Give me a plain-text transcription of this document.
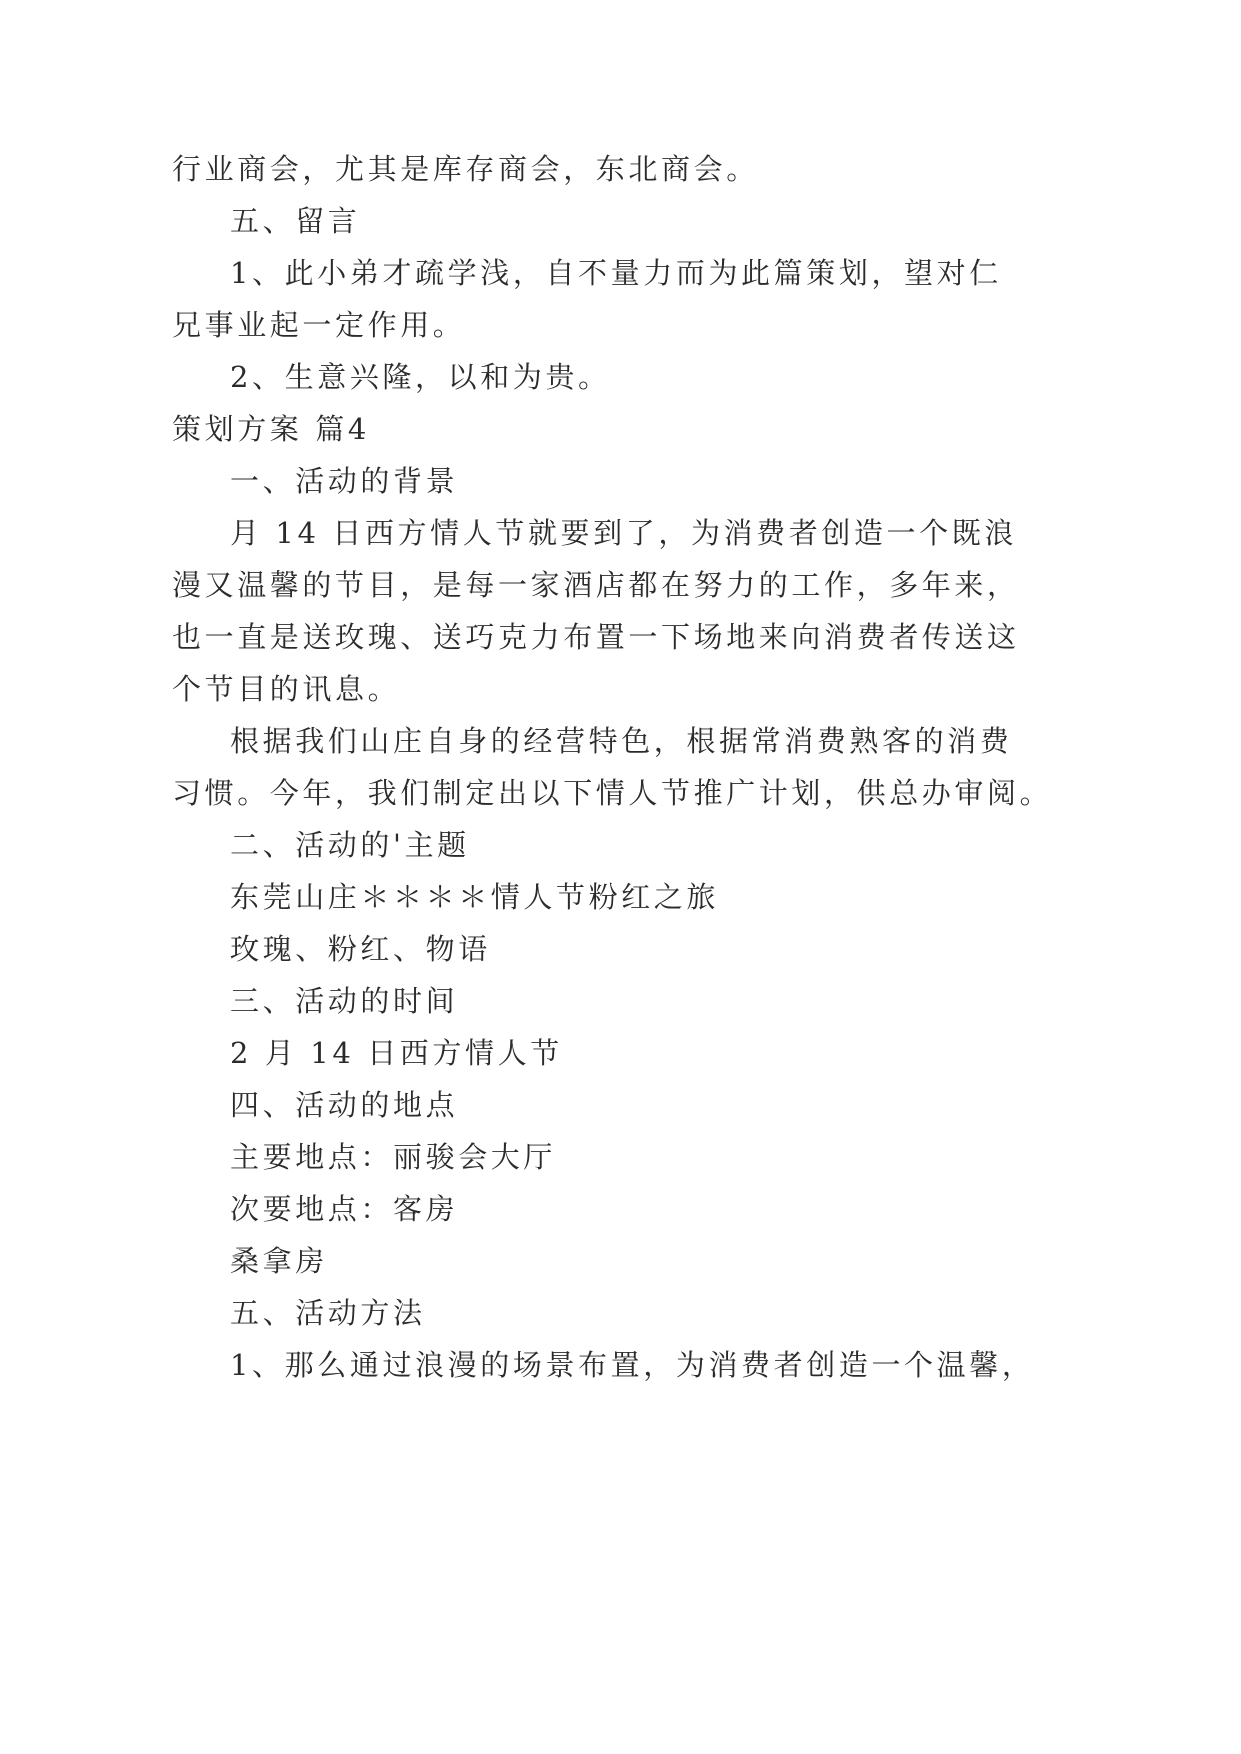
行业商会，尤其是库存商会，东北商会。
五、留言
1、此小弟才疏学浅，自不量力而为此篇策划，望对仁
兄事业起一定作用。
2、生意兴隆，以和为贵。
策划方案 篇4
一、活动的背景
月 14 日西方情人节就要到了，为消费者创造一个既浪
漫又温馨的节目，是每一家酒店都在努力的工作，多年来，
也一直是送玫瑰、送巧克力布置一下场地来向消费者传送这
个节目的讯息。
根据我们山庄自身的经营特色，根据常消费熟客的消费
习惯。今年，我们制定出以下情人节推广计划，供总办审阅。
二、活动的'主题
东莞山庄＊＊＊＊情人节粉红之旅
玫瑰、粉红、物语
三、活动的时间
2 月 14 日西方情人节
四、活动的地点
主要地点：丽骏会大厅
次要地点：客房
桑拿房
五、活动方法
1、那么通过浪漫的场景布置，为消费者创造一个温馨，
